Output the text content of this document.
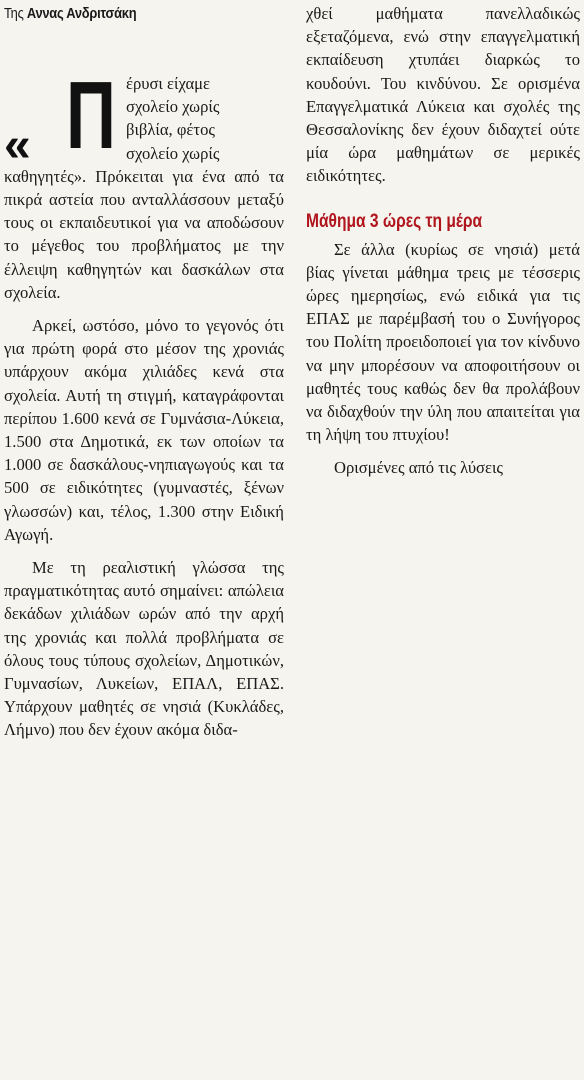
Της Αννας Ανδριτσάκη
« Π έρυσι είχαμε
σχολείο χωρίς
βιβλία, φέτος
σχολείο χωρίς
καθηγητές». Πρόκειται για ένα από τα πικρά αστεία που ανταλλάσσουν μεταξύ τους οι εκπαιδευτικοί για να αποδώσουν το μέγεθος του προβλήματος με την έλλειψη καθηγητών και δασκάλων στα σχολεία.

Αρκεί, ωστόσο, μόνο το γεγονός ότι για πρώτη φορά στο μέσον της χρονιάς υπάρχουν ακόμα χιλιάδες κενά στα σχολεία. Αυτή τη στιγμή, καταγράφονται περίπου 1.600 κενά σε Γυμνάσια-Λύκεια, 1.500 στα Δημοτικά, εκ των οποίων τα 1.000 σε δασκάλους-νηπιαγωγούς και τα 500 σε ειδικότητες (γυμναστές, ξένων γλωσσών) και, τέλος, 1.300 στην Ειδική Αγωγή.

Με τη ρεαλιστική γλώσσα της πραγματικότητας αυτό σημαίνει: απώλεια δεκάδων χιλιάδων ωρών από την αρχή της χρονιάς και πολλά προβλήματα σε όλους τους τύπους σχολείων, Δημοτικών, Γυμνασίων, Λυκείων, ΕΠΑΛ, ΕΠΑΣ. Υπάρχουν μαθητές σε νησιά (Κυκλάδες, Λήμνο) που δεν έχουν ακόμα διδα-

χθεί μαθήματα πανελλαδικώς εξεταζόμενα, ενώ στην επαγγελματική εκπαίδευση χτυπάει διαρκώς το κουδούνι. Του κινδύνου. Σε ορισμένα Επαγγελματικά Λύκεια και σχολές της Θεσσαλονίκης δεν έχουν διδαχτεί ούτε μία ώρα μαθημάτων σε μερικές ειδικότητες.

Μάθημα 3 ώρες τη μέρα

Σε άλλα (κυρίως σε νησιά) μετά βίας γίνεται μάθημα τρεις με τέσσερις ώρες ημερησίως, ενώ ειδικά για τις ΕΠΑΣ με παρέμβασή του ο Συνήγορος του Πολίτη προειδοποιεί για τον κίνδυνο να μην μπορέσουν να αποφοιτήσουν οι μαθητές τους καθώς δεν θα προλάβουν να διδαχθούν την ύλη που απαιτείται για τη λήψη του πτυχίου!

Ορισμένες από τις λύσεις
